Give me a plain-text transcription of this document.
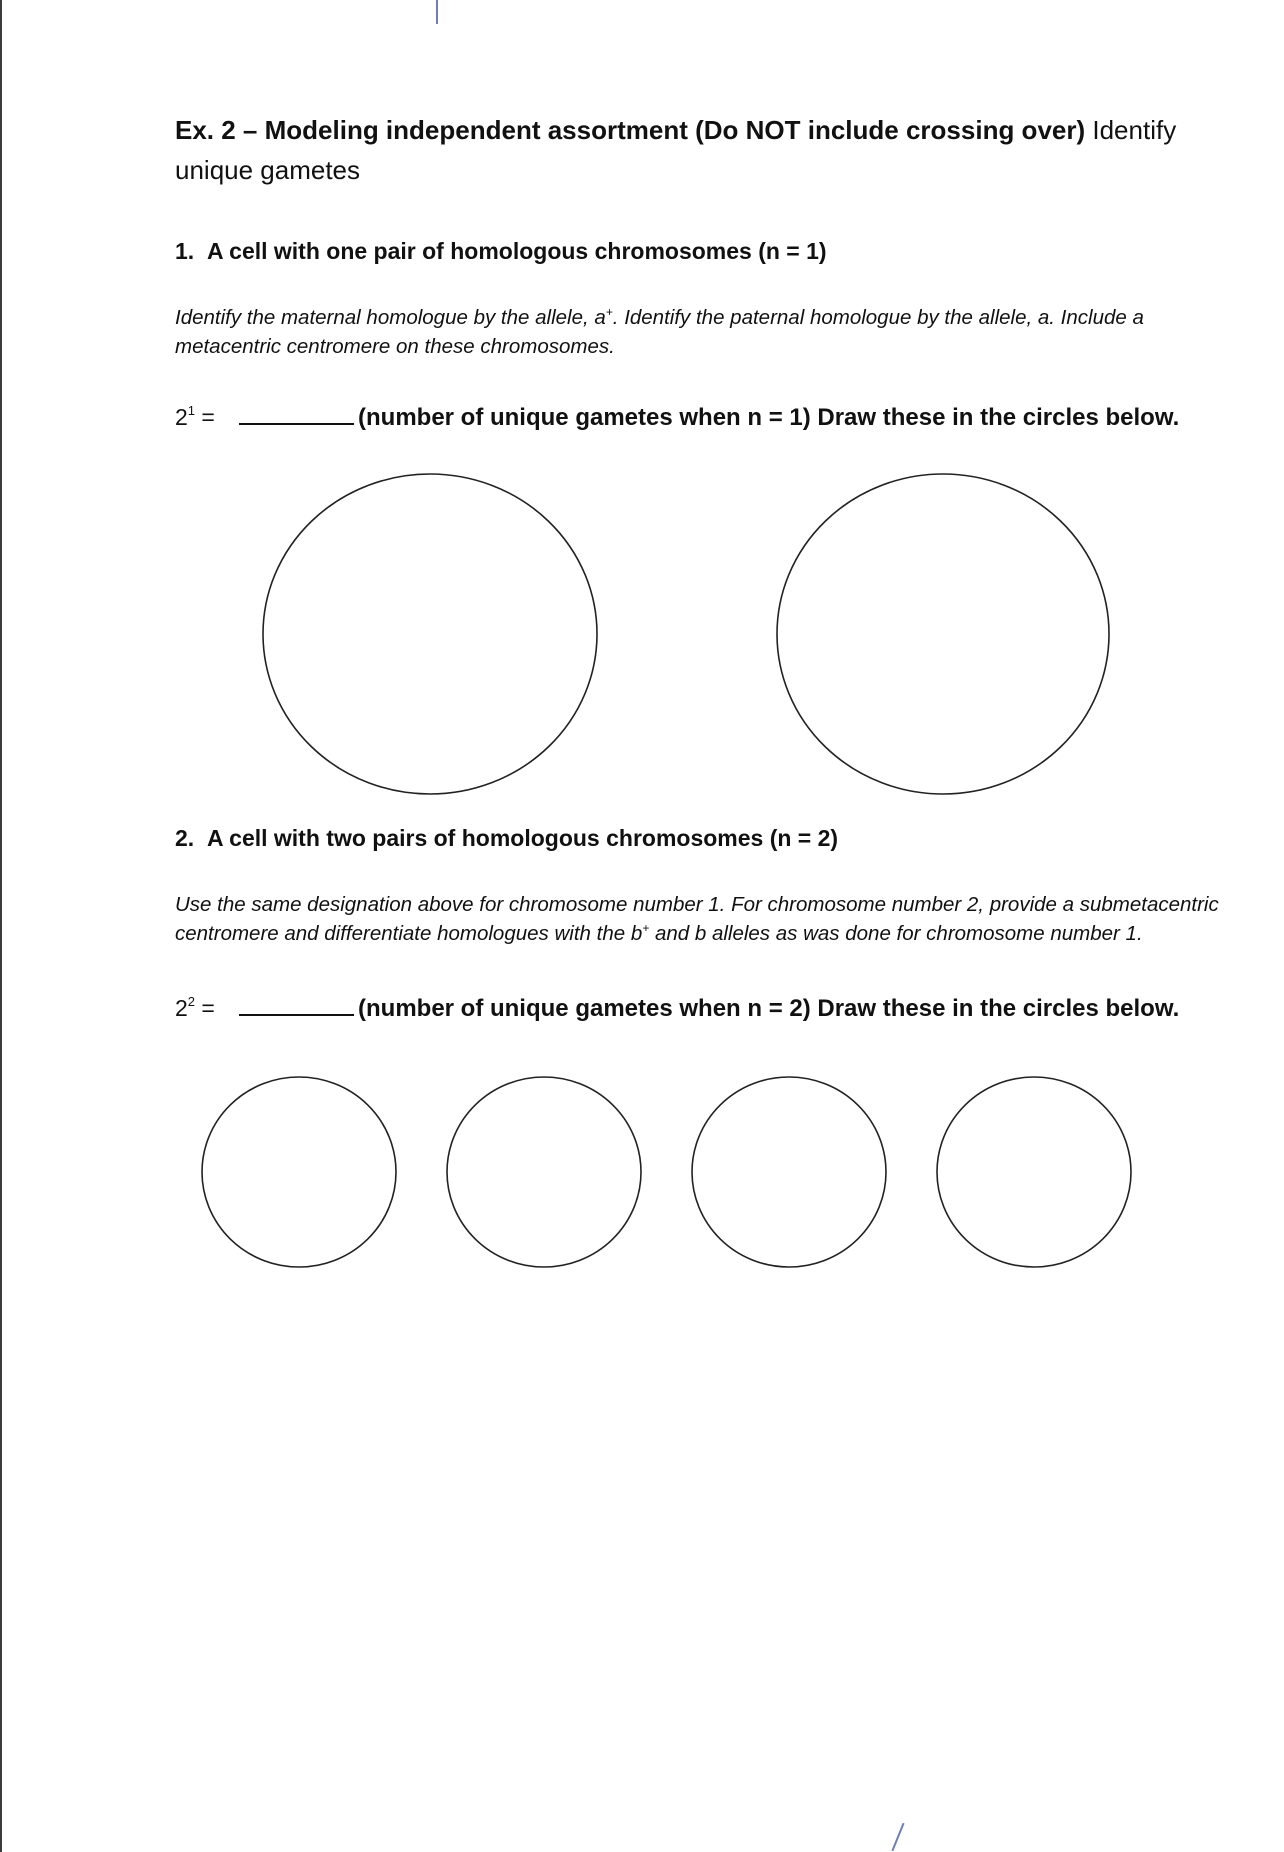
Ex. 2 – Modeling independent assortment (Do NOT include crossing over) Identify unique gametes
1. A cell with one pair of homologous chromosomes (n = 1)
Identify the maternal homologue by the allele, a+. Identify the paternal homologue by the allele, a. Include a
metacentric centromere on these chromosomes.
$2^1$ =	(number of unique gametes when n = 1) Draw these in the circles below.
2. A cell with two pairs of homologous chromosomes (n = 2)
Use the same designation above for chromosome number 1. For chromosome number 2, provide a submetacentric
centromere and differentiate homologues with the b+ and b alleles as was done for chromosome number 1.
$2^2$ =	(number of unique gametes when n = 2) Draw these in the circles below.
